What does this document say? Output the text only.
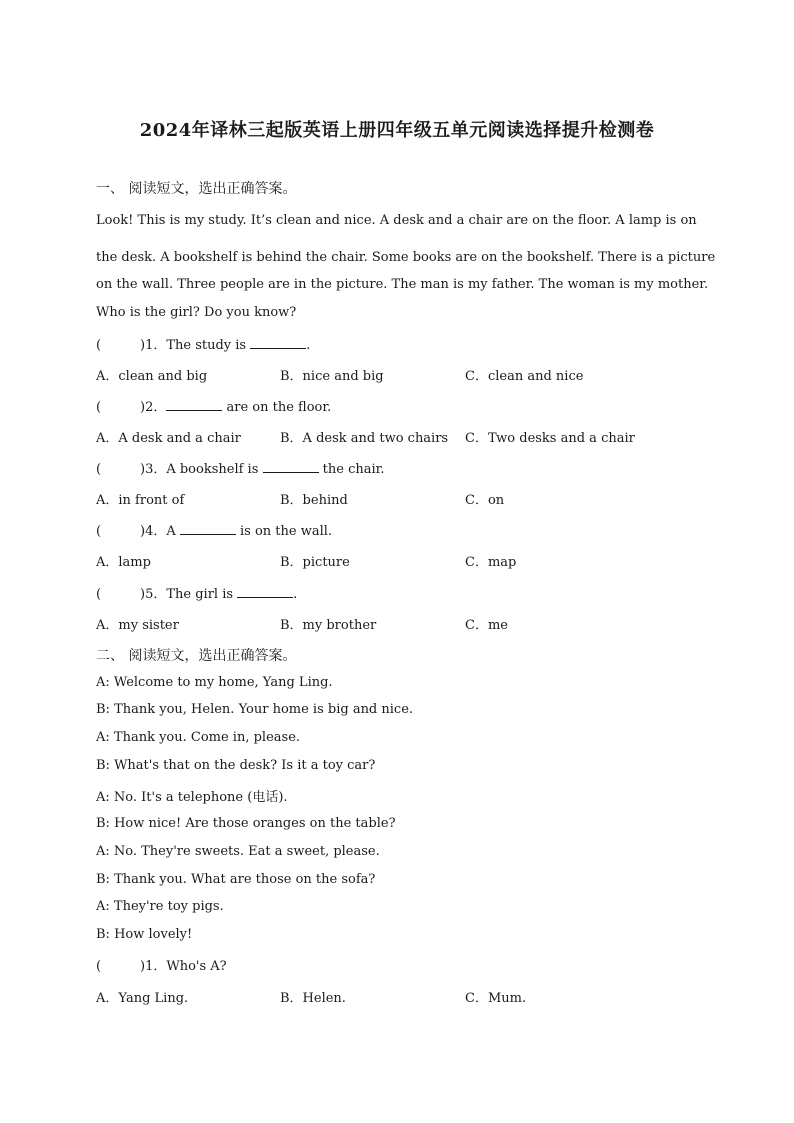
2024年译林三起版英语上册四年级五单元阅读选择提升检测卷
一、 阅读短文，选出正确答案。
Look! This is my study. It’s clean and nice. A desk and a chair are on the floor. A lamp is on
the desk. A bookshelf is behind the chair. Some books are on the bookshelf. There is a picture
on the wall. Three people are in the picture. The man is my father. The woman is my mother.
Who is the girl? Do you know?
(	)1．The study is	.
A．clean and big	B．nice and big	C．clean and nice
(	)2．	are on the floor.
A．A desk and a chair	B．A desk and two chairs C．Two desks and a chair
(	)3．A bookshelf is	the chair.
A．in front of	B．behind	C．on
(	)4．A	is on the wall.
A．lamp	B．picture	C．map
(	)5．The girl is	.
A．my sister	B．my brother	C．me
二、 阅读短文，选出正确答案。
A: Welcome to my home, Yang Ling.
B: Thank you, Helen. Your home is big and nice.
A: Thank you. Come in, please.
B: What's that on the desk? Is it a toy car?
A: No. It's a telephone (电话).
B: How nice! Are those oranges on the table?
A: No. They're sweets. Eat a sweet, please.
B: Thank you. What are those on the sofa?
A: They're toy pigs.
B: How lovely!
(	)1．Who's A?
A．Yang Ling.	B．Helen.	C．Mum.
